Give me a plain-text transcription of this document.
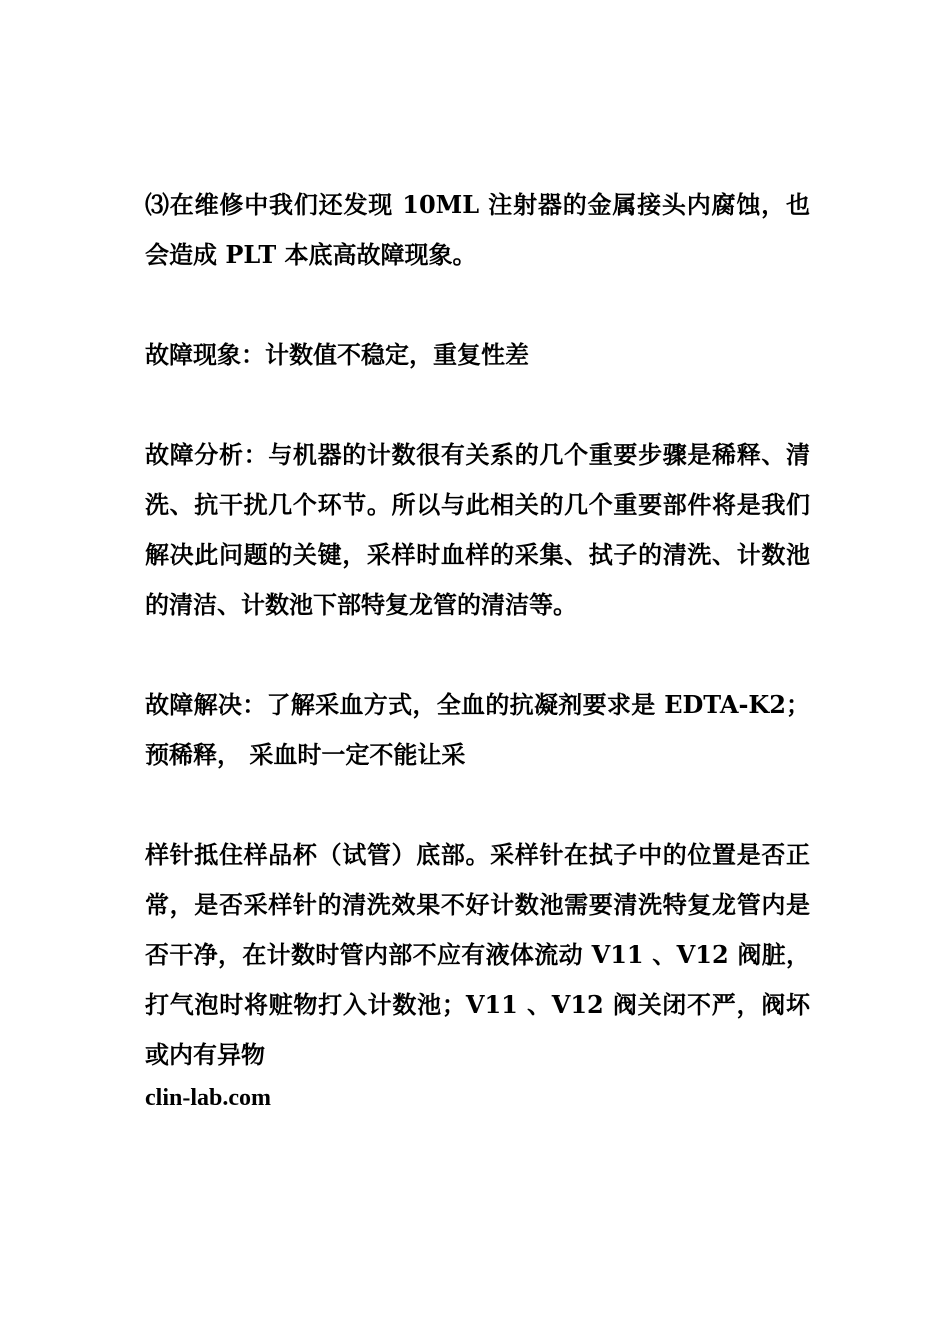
⑶在维修中我们还发现 10ML 注射器的金属接头内腐蚀，也会造成 PLT 本底高故障现象。

故障现象：计数值不稳定，重复性差

故障分析：与机器的计数很有关系的几个重要步骤是稀释、清洗、抗干扰几个环节。所以与此相关的几个重要部件将是我们解决此问题的关键，采样时血样的采集、拭子的清洗、计数池的清洁、计数池下部特复龙管的清洁等。

故障解决：了解采血方式，全血的抗凝剂要求是 EDTA-K2；预稀释， 采血时一定不能让采

样针抵住样品杯（试管）底部。采样针在拭子中的位置是否正常，是否采样针的清洗效果不好计数池需要清洗特复龙管内是否干净，在计数时管内部不应有液体流动 V11 、V12 阀脏，打气泡时将赃物打入计数池；V11 、V12 阀关闭不严，阀坏或内有异物

clin-lab.com
